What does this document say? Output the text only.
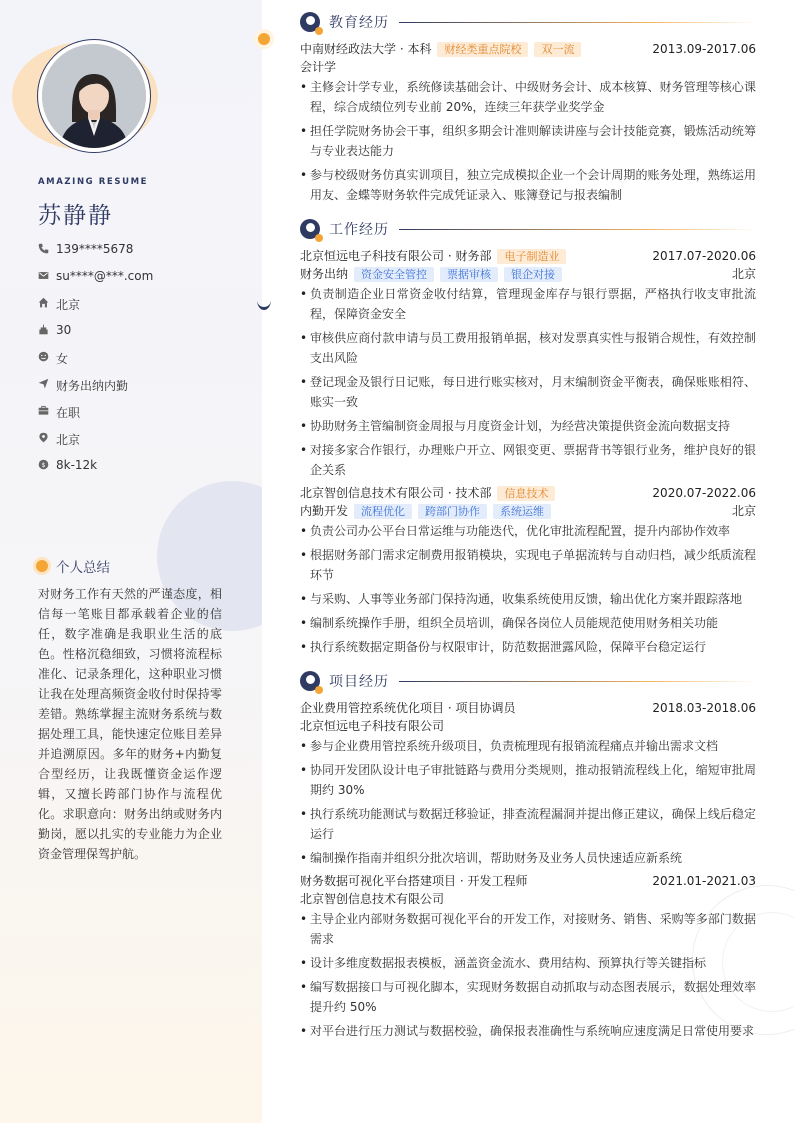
AMAZING RESUME
苏静静
139****5678
su****@***.com
北京
30
女
财务出纳内勤
在职
北京
$ 8k-12k
个人总结

对财务工作有天然的严谨态度，相信每一笔账目都承载着企业的信任，数字准确是我职业生活的底色。性格沉稳细致，习惯将流程标准化、记录条理化，这种职业习惯让我在处理高频资金收付时保持零差错。熟练掌握主流财务系统与数据处理工具，能快速定位账目差异并追溯原因。多年的财务+内勤复合型经历，让我既懂资金运作逻辑，又擅长跨部门协作与流程优化。求职意向：财务出纳或财务内勤岗，愿以扎实的专业能力为企业资金管理保驾护航。

教育经历
中南财经政法大学 · 本科	财经类重点院校	双一流	2013.09-2017.06
会计学
• 主修会计学专业，系统修读基础会计、中级财务会计、成本核算、财务管理等核心课程，综合成绩位列专业前 20%，连续三年获学业奖学金
• 担任学院财务协会干事，组织多期会计准则解读讲座与会计技能竞赛，锻炼活动统筹与专业表达能力
• 参与校级财务仿真实训项目，独立完成模拟企业一个会计周期的账务处理，熟练运用用友、金蝶等财务软件完成凭证录入、账簿登记与报表编制
工作经历
北京恒远电子科技有限公司 · 财务部	电子制造业	2017.07-2020.06
财务出纳	资金安全管控	票据审核	银企对接	北京
• 负责制造企业日常资金收付结算，管理现金库存与银行票据，严格执行收支审批流程，保障资金安全
• 审核供应商付款申请与员工费用报销单据，核对发票真实性与报销合规性，有效控制支出风险
• 登记现金及银行日记账，每日进行账实核对，月末编制资金平衡表，确保账账相符、账实一致
• 协助财务主管编制资金周报与月度资金计划，为经营决策提供资金流向数据支持
• 对接多家合作银行，办理账户开立、网银变更、票据背书等银行业务，维护良好的银企关系
北京智创信息技术有限公司 · 技术部	信息技术	2020.07-2022.06
内勤开发	流程优化	跨部门协作	系统运维	北京
• 负责公司办公平台日常运维与功能迭代，优化审批流程配置，提升内部协作效率
• 根据财务部门需求定制费用报销模块，实现电子单据流转与自动归档，减少纸质流程环节
• 与采购、人事等业务部门保持沟通，收集系统使用反馈，输出优化方案并跟踪落地
• 编制系统操作手册，组织全员培训，确保各岗位人员能规范使用财务相关功能
• 执行系统数据定期备份与权限审计，防范数据泄露风险，保障平台稳定运行
项目经历
企业费用管控系统优化项目 · 项目协调员	2018.03-2018.06
北京恒远电子科技有限公司
• 参与企业费用管控系统升级项目，负责梳理现有报销流程痛点并输出需求文档
• 协同开发团队设计电子审批链路与费用分类规则，推动报销流程线上化，缩短审批周期约 30%
• 执行系统功能测试与数据迁移验证，排查流程漏洞并提出修正建议，确保上线后稳定运行
• 编制操作指南并组织分批次培训，帮助财务及业务人员快速适应新系统
财务数据可视化平台搭建项目 · 开发工程师	2021.01-2021.03
北京智创信息技术有限公司
• 主导企业内部财务数据可视化平台的开发工作，对接财务、销售、采购等多部门数据需求
• 设计多维度数据报表模板，涵盖资金流水、费用结构、预算执行等关键指标
• 编写数据接口与可视化脚本，实现财务数据自动抓取与动态图表展示，数据处理效率提升约 50%
• 对平台进行压力测试与数据校验，确保报表准确性与系统响应速度满足日常使用要求
